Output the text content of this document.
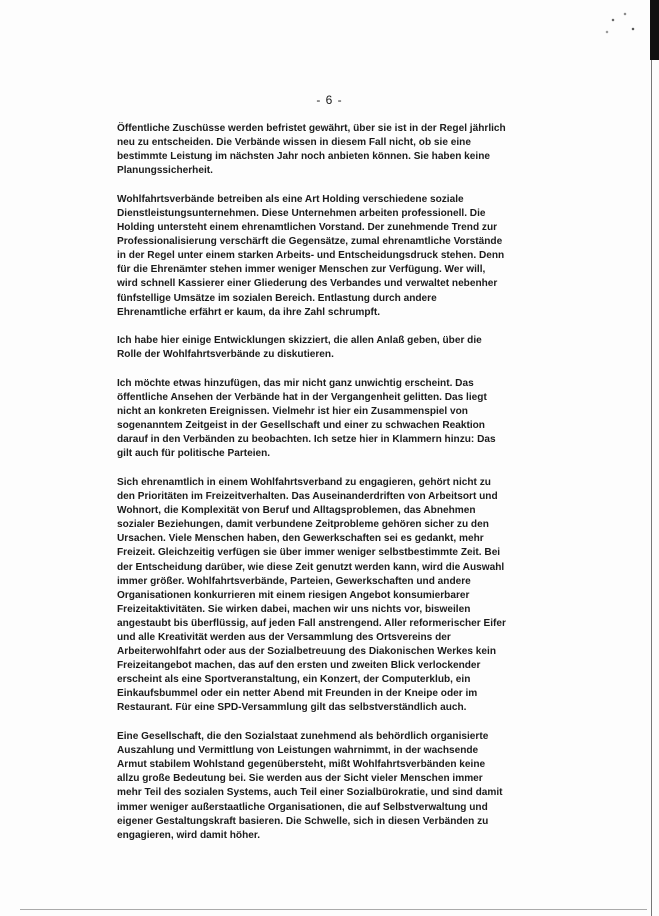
- 6 -

Öffentliche Zuschüsse werden befristet gewährt, über sie ist in der Regel jährlich
neu zu entscheiden. Die Verbände wissen in diesem Fall nicht, ob sie eine
bestimmte Leistung im nächsten Jahr noch anbieten können. Sie haben keine
Planungssicherheit.

Wohlfahrtsverbände betreiben als eine Art Holding verschiedene soziale
Dienstleistungsunternehmen. Diese Unternehmen arbeiten professionell. Die
Holding untersteht einem ehrenamtlichen Vorstand. Der zunehmende Trend zur
Professionalisierung verschärft die Gegensätze, zumal ehrenamtliche Vorstände
in der Regel unter einem starken Arbeits- und Entscheidungsdruck stehen. Denn
für die Ehrenämter stehen immer weniger Menschen zur Verfügung. Wer will,
wird schnell Kassierer einer Gliederung des Verbandes und verwaltet nebenher
fünfstellige Umsätze im sozialen Bereich. Entlastung durch andere
Ehrenamtliche erfährt er kaum, da ihre Zahl schrumpft.

Ich habe hier einige Entwicklungen skizziert, die allen Anlaß geben, über die
Rolle der Wohlfahrtsverbände zu diskutieren.

Ich möchte etwas hinzufügen, das mir nicht ganz unwichtig erscheint. Das
öffentliche Ansehen der Verbände hat in der Vergangenheit gelitten. Das liegt
nicht an konkreten Ereignissen. Vielmehr ist hier ein Zusammenspiel von
sogenanntem Zeitgeist in der Gesellschaft und einer zu schwachen Reaktion
darauf in den Verbänden zu beobachten. Ich setze hier in Klammern hinzu: Das
gilt auch für politische Parteien.

Sich ehrenamtlich in einem Wohlfahrtsverband zu engagieren, gehört nicht zu
den Prioritäten im Freizeitverhalten. Das Auseinanderdriften von Arbeitsort und
Wohnort, die Komplexität von Beruf und Alltagsproblemen, das Abnehmen
sozialer Beziehungen, damit verbundene Zeitprobleme gehören sicher zu den
Ursachen. Viele Menschen haben, den Gewerkschaften sei es gedankt, mehr
Freizeit. Gleichzeitig verfügen sie über immer weniger selbstbestimmte Zeit. Bei
der Entscheidung darüber, wie diese Zeit genutzt werden kann, wird die Auswahl
immer größer. Wohlfahrtsverbände, Parteien, Gewerkschaften und andere
Organisationen konkurrieren mit einem riesigen Angebot konsumierbarer
Freizeitaktivitäten. Sie wirken dabei, machen wir uns nichts vor, bisweilen
angestaubt bis überflüssig, auf jeden Fall anstrengend. Aller reformerischer Eifer
und alle Kreativität werden aus der Versammlung des Ortsvereins der
Arbeiterwohlfahrt oder aus der Sozialbetreuung des Diakonischen Werkes kein
Freizeitangebot machen, das auf den ersten und zweiten Blick verlockender
erscheint als eine Sportveranstaltung, ein Konzert, der Computerklub, ein
Einkaufsbummel oder ein netter Abend mit Freunden in der Kneipe oder im
Restaurant. Für eine SPD-Versammlung gilt das selbstverständlich auch.

Eine Gesellschaft, die den Sozialstaat zunehmend als behördlich organisierte
Auszahlung und Vermittlung von Leistungen wahrnimmt, in der wachsende
Armut stabilem Wohlstand gegenübersteht, mißt Wohlfahrtsverbänden keine
allzu große Bedeutung bei. Sie werden aus der Sicht vieler Menschen immer
mehr Teil des sozialen Systems, auch Teil einer Sozialbürokratie, und sind damit
immer weniger außerstaatliche Organisationen, die auf Selbstverwaltung und
eigener Gestaltungskraft basieren. Die Schwelle, sich in diesen Verbänden zu
engagieren, wird damit höher.
